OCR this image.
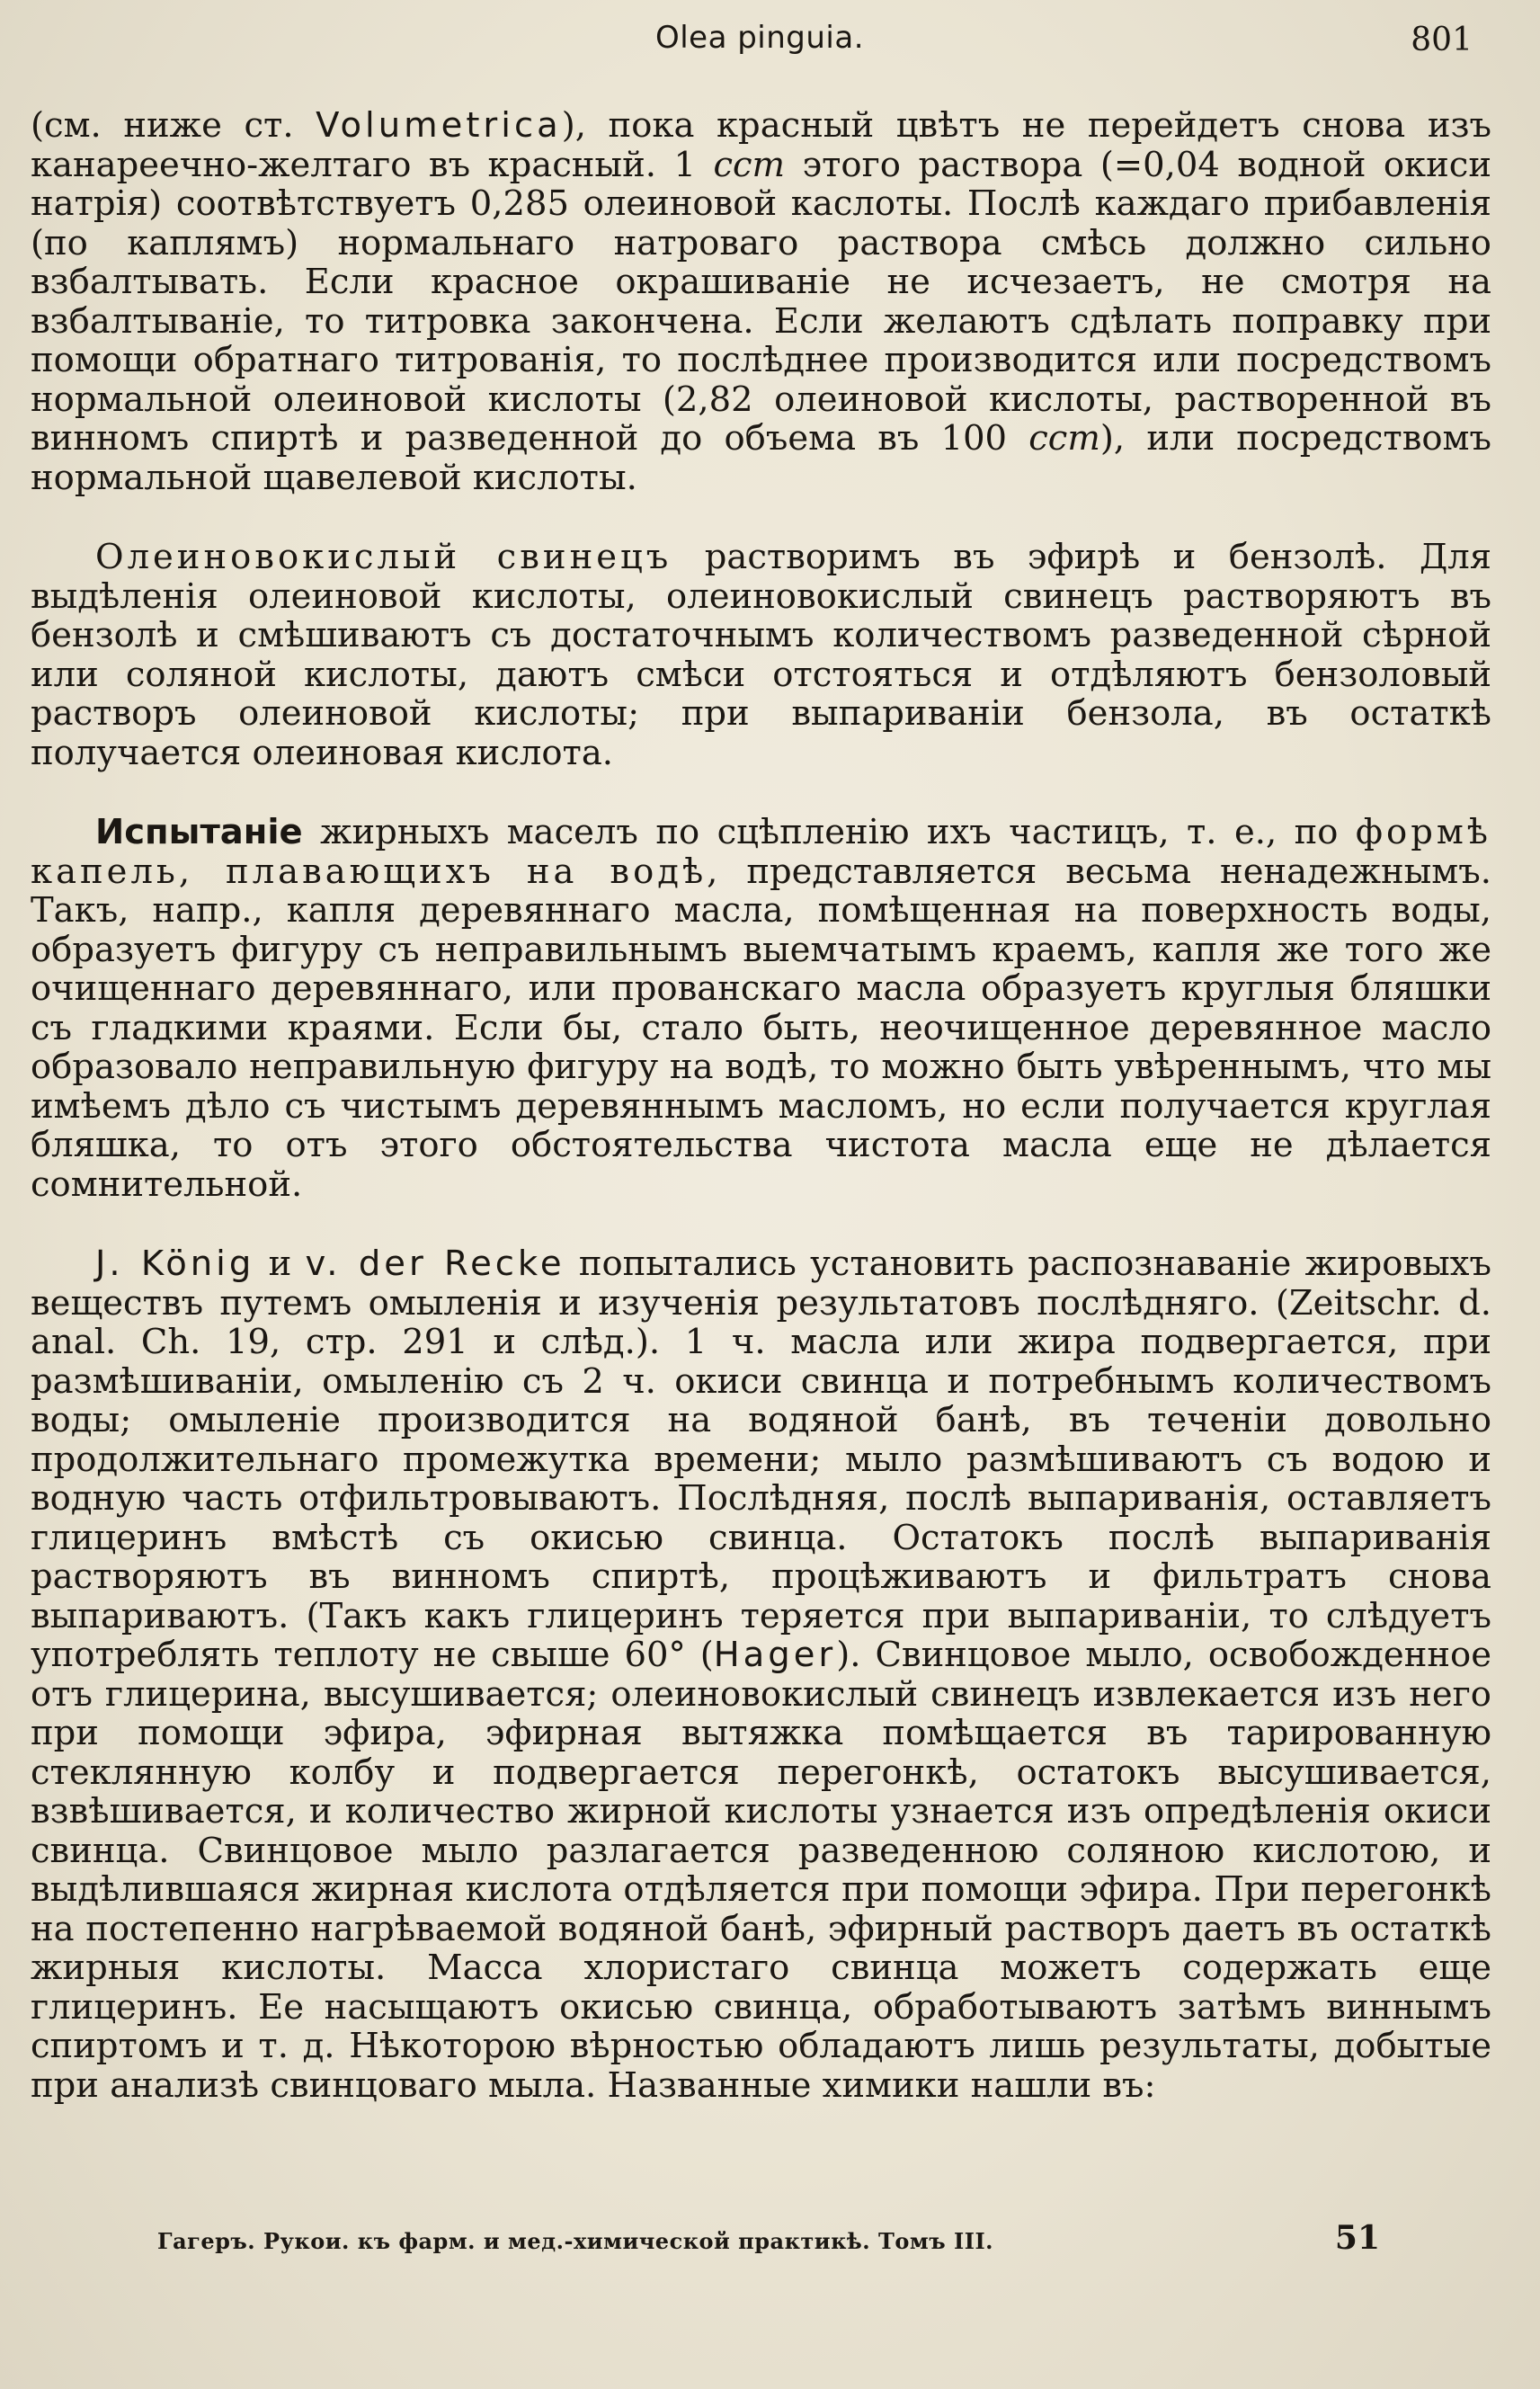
Olea pinguia.	801

(см. ниже ст. Volumetrica), пока красный цвѣтъ не перейдетъ снова изъ канареечно-желтаго въ красный. 1 ccm этого раствора (=0,04 водной окиси натрія) соотвѣтствуетъ 0,285 олеиновой каслоты. Послѣ каждаго прибавленія (по каплямъ) нормальнаго натроваго раствора смѣсь должно сильно взбалтывать. Если красное окрашиваніе не исчезаетъ, не смотря на взбалтываніе, то титровка закончена. Если желаютъ сдѣлать поправку при помощи обратнаго титрованія, то послѣднее производится или посредствомъ нормальной олеиновой кислоты (2,82 олеиновой кислоты, растворенной въ винномъ спиртѣ и разведенной до объема въ 100 ccm), или посредствомъ нормальной щавелевой кислоты.

Олеиновокислый свинецъ растворимъ въ эфирѣ и бензолѣ. Для выдѣленія олеиновой кислоты, олеиновокислый свинецъ растворяютъ въ бензолѣ и смѣшиваютъ съ достаточнымъ количествомъ разведенной сѣрной или соляной кислоты, даютъ смѣси отстояться и отдѣляютъ бензоловый растворъ олеиновой кислоты; при выпариваніи бензола, въ остаткѣ получается олеиновая кислота.

Испытаніе жирныхъ маселъ по сцѣпленію ихъ частицъ, т. е., по формѣ капель, плавающихъ на водѣ, представляется весьма ненадежнымъ. Такъ, напр., капля деревяннаго масла, помѣщенная на поверхность воды, образуетъ фигуру съ неправильнымъ выемчатымъ краемъ, капля же того же очищеннаго деревяннаго, или прованскаго масла образуетъ круглыя бляшки съ гладкими краями. Если бы, стало быть, неочищенное деревянное масло образовало неправильную фигуру на водѣ, то можно быть увѣреннымъ, что мы имѣемъ дѣло съ чистымъ деревяннымъ масломъ, но если получается круглая бляшка, то отъ этого обстоятельства чистота масла еще не дѣлается сомнительной.

J. König и v. der Recke попытались установить распознаваніе жировыхъ веществъ путемъ омыленія и изученія результатовъ послѣдняго. (Zeitschr. d. anal. Ch. 19, стр. 291 и слѣд.). 1 ч. масла или жира подвергается, при размѣшиваніи, омыленію съ 2 ч. окиси свинца и потребнымъ количествомъ воды; омыленіе производится на водяной банѣ, въ теченіи довольно продолжительнаго промежутка времени; мыло размѣшиваютъ съ водою и водную часть отфильтровываютъ. Послѣдняя, послѣ выпариванія, оставляетъ глицеринъ вмѣстѣ съ окисью свинца. Остатокъ послѣ выпариванія растворяютъ въ винномъ спиртѣ, процѣживаютъ и фильтратъ снова выпариваютъ. (Такъ какъ глицеринъ теряется при выпариваніи, то слѣдуетъ употреблять теплоту не свыше 60° (Hager). Свинцовое мыло, освобожденное отъ глицерина, высушивается; олеиновокислый свинецъ извлекается изъ него при помощи эфира, эфирная вытяжка помѣщается въ тарированную стеклянную колбу и подвергается перегонкѣ, остатокъ высушивается, взвѣшивается, и количество жирной кислоты узнается изъ опредѣленія окиси свинца. Свинцовое мыло разлагается разведенною соляною кислотою, и выдѣлившаяся жирная кислота отдѣляется при помощи эфира. При перегонкѣ на постепенно нагрѣваемой водяной банѣ, эфирный растворъ даетъ въ остаткѣ жирныя кислоты. Масса хлористаго свинца можетъ содержать еще глицеринъ. Ее насыщаютъ окисью свинца, обработываютъ затѣмъ виннымъ спиртомъ и т. д. Нѣкоторою вѣрностью обладаютъ лишь результаты, добытые при анализѣ свинцоваго мыла. Названные химики нашли въ:

Гагеръ. Рукои. къ фарм. и мед.-химической практикѣ. Томъ III.	51
